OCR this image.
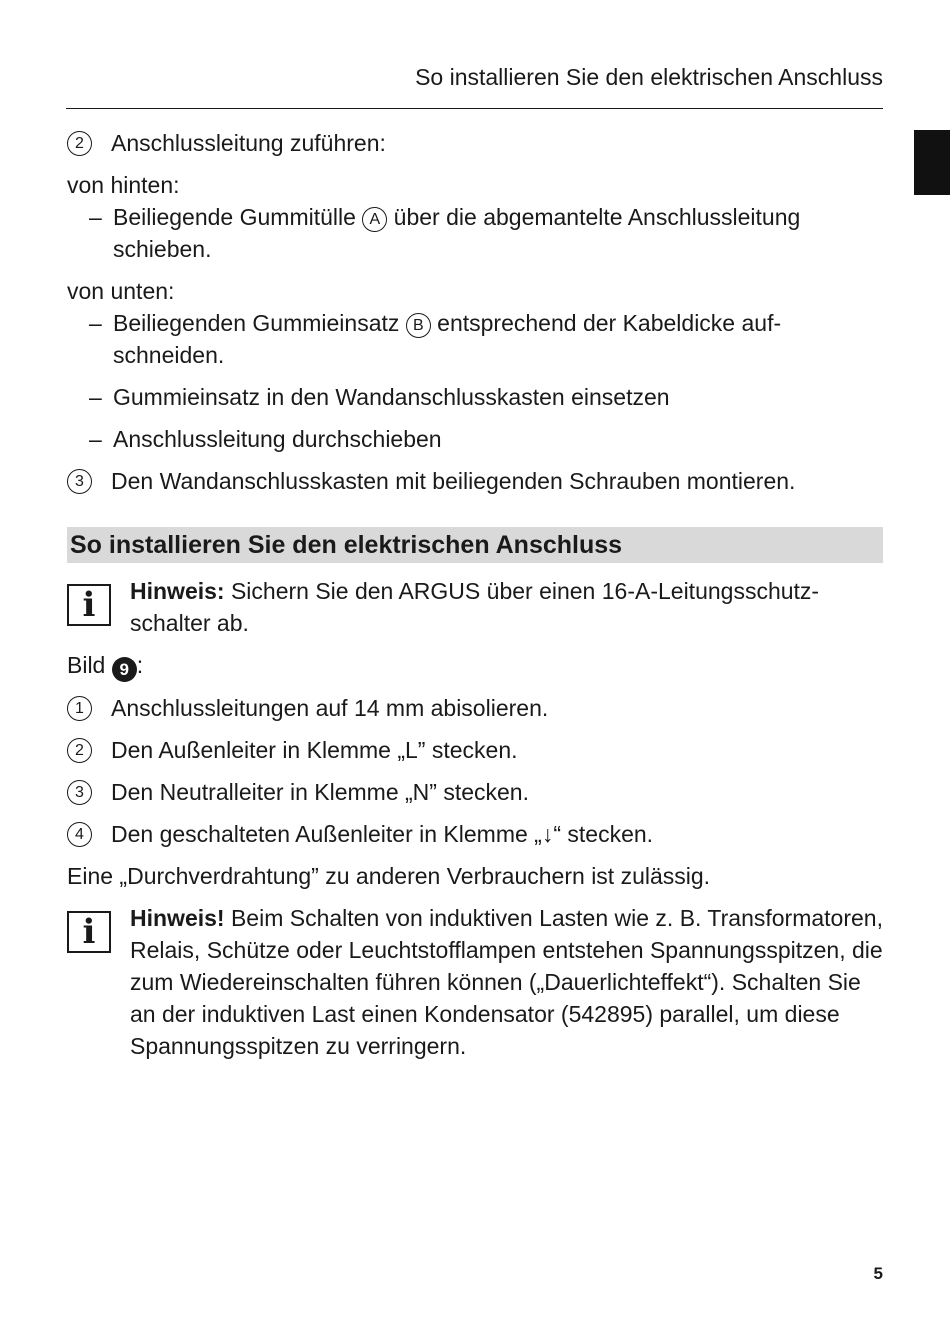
So installieren Sie den elektrischen Anschluss
2	Anschlussleitung zuführen:

von hinten:

– Beiliegende Gummitülle A über die abgemantelte Anschlussleitung schieben.

von unten:

– Beiliegenden Gummieinsatz B entsprechend der Kabeldicke aufschneiden.
– Gummieinsatz in den Wandanschlusskasten einsetzen
– Anschlussleitung durchschieben
3	Den Wandanschlusskasten mit beiliegenden Schrauben montieren.
So installieren Sie den elektrischen Anschluss
i	Hinweis: Sichern Sie den ARGUS über einen 16-A-Leitungsschutzschalter ab.

Bild 9 :

1	Anschlussleitungen auf 14 mm abisolieren.
2	Den Außenleiter in Klemme „L” stecken.
3	Den Neutralleiter in Klemme „N” stecken.
4	Den geschalteten Außenleiter in Klemme „↓“ stecken.

Eine „Durchverdrahtung” zu anderen Verbrauchern ist zulässig.

i	Hinweis! Beim Schalten von induktiven Lasten wie z. B. Transformatoren, Relais, Schütze oder Leuchtstofflampen entstehen Spannungsspitzen, die zum Wiedereinschalten führen können („Dauerlichteffekt“). Schalten Sie an der induktiven Last einen Kondensator (542895) parallel, um diese Spannungsspitzen zu verringern.
5
